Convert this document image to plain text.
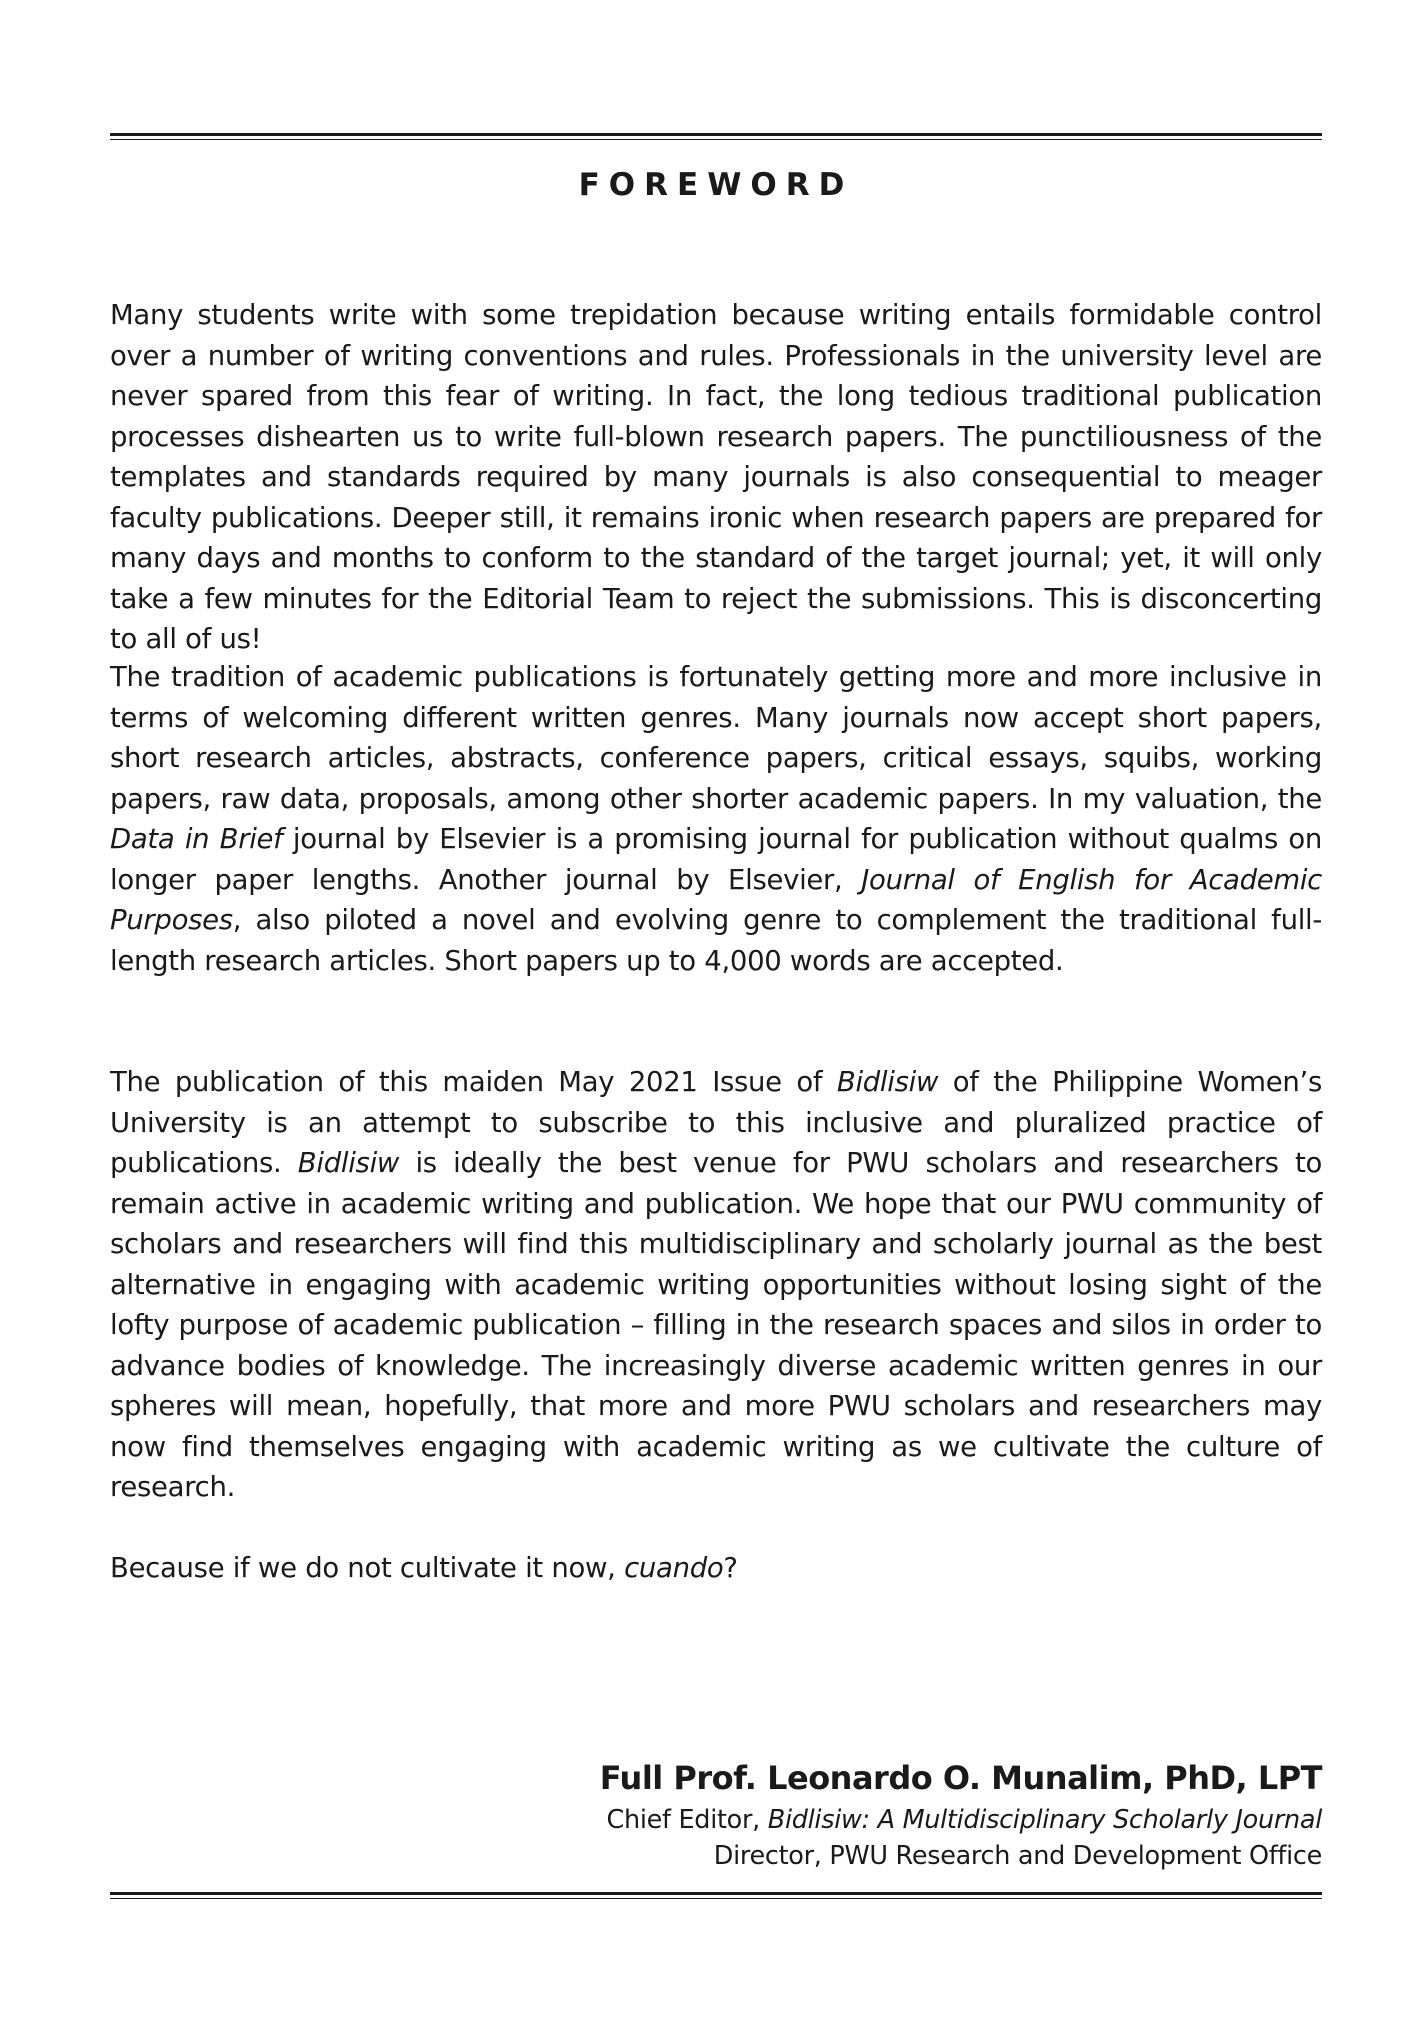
FOREWORD

Many students write with some trepidation because writing entails formidable control over a number of writing conventions and rules. Professionals in the university level are never spared from this fear of writing. In fact, the long tedious traditional publication processes dishearten us to write full-blown research papers. The punctiliousness of the templates and standards required by many journals is also consequential to meager faculty publications. Deeper still, it remains ironic when research papers are prepared for many days and months to conform to the standard of the target journal; yet, it will only take a few minutes for the Editorial Team to reject the submissions. This is disconcerting to all of us!

The tradition of academic publications is fortunately getting more and more inclusive in terms of welcoming different written genres. Many journals now accept short papers, short research articles, abstracts, conference papers, critical essays, squibs, working papers, raw data, proposals, among other shorter academic papers. In my valuation, the Data in Brief journal by Elsevier is a promising journal for publication without qualms on longer paper lengths. Another journal by Elsevier, Journal of English for Academic Purposes, also piloted a novel and evolving genre to complement the traditional full-length research articles. Short papers up to 4,000 words are accepted.

The publication of this maiden May 2021 Issue of Bidlisiw of the Philippine Women’s University is an attempt to subscribe to this inclusive and pluralized practice of publications. Bidlisiw is ideally the best venue for PWU scholars and researchers to remain active in academic writing and publication. We hope that our PWU community of scholars and researchers will find this multidisciplinary and scholarly journal as the best alternative in engaging with academic writing opportunities without losing sight of the lofty purpose of academic publication – filling in the research spaces and silos in order to advance bodies of knowledge. The increasingly diverse academic written genres in our spheres will mean, hopefully, that more and more PWU scholars and researchers may now find themselves engaging with academic writing as we cultivate the culture of research.

Because if we do not cultivate it now, cuando?

Full Prof. Leonardo O. Munalim, PhD, LPT
Chief Editor, Bidlisiw: A Multidisciplinary Scholarly Journal
Director, PWU Research and Development Office
